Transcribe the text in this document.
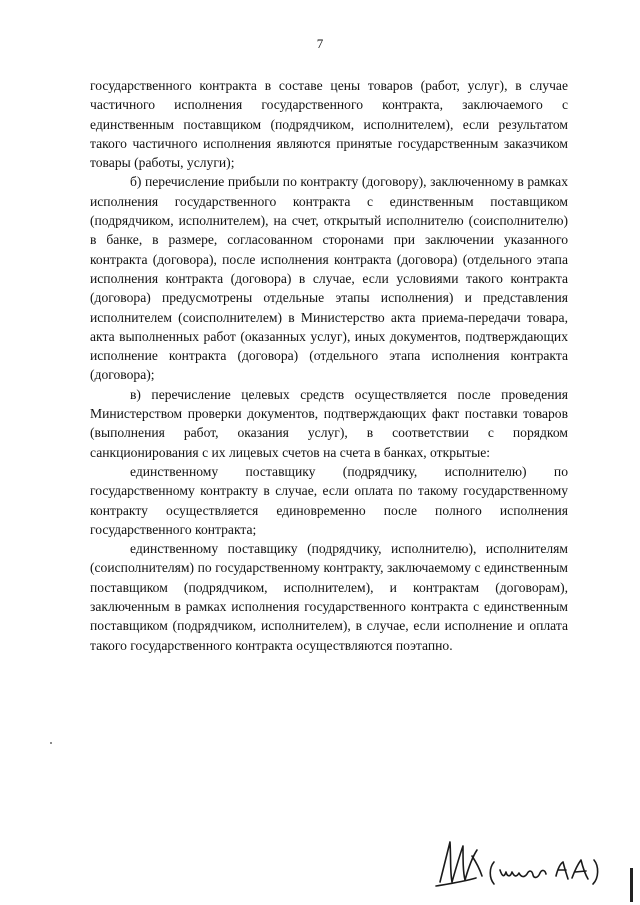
7

государственного контракта в составе цены товаров (работ, услуг), в случае частичного исполнения государственного контракта, заключаемого с единственным поставщиком (подрядчиком, исполнителем), если результатом такого частичного исполнения являются принятые государственным заказчиком товары (работы, услуги);

б) перечисление прибыли по контракту (договору), заключенному в рамках исполнения государственного контракта с единственным поставщиком (подрядчиком, исполнителем), на счет, открытый исполнителю (соисполнителю) в банке, в размере, согласованном сторонами при заключении указанного контракта (договора), после исполнения контракта (договора) (отдельного этапа исполнения контракта (договора) в случае, если условиями такого контракта (договора) предусмотрены отдельные этапы исполнения) и представления исполнителем (соисполнителем) в Министерство акта приема-передачи товара, акта выполненных работ (оказанных услуг), иных документов, подтверждающих исполнение контракта (договора) (отдельного этапа исполнения контракта (договора);

в) перечисление целевых средств осуществляется после проведения Министерством проверки документов, подтверждающих факт поставки товаров (выполнения работ, оказания услуг), в соответствии с порядком санкционирования с их лицевых счетов на счета в банках, открытые:

единственному поставщику (подрядчику, исполнителю) по государственному контракту в случае, если оплата по такому государственному контракту осуществляется единовременно после полного исполнения государственного контракта;

единственному поставщику (подрядчику, исполнителю), исполнителям (соисполнителям) по государственному контракту, заключаемому с единственным поставщиком (подрядчиком, исполнителем), и контрактам (договорам), заключенным в рамках исполнения государственного контракта с единственным поставщиком (подрядчиком, исполнителем), в случае, если исполнение и оплата такого государственного контракта осуществляются поэтапно.
